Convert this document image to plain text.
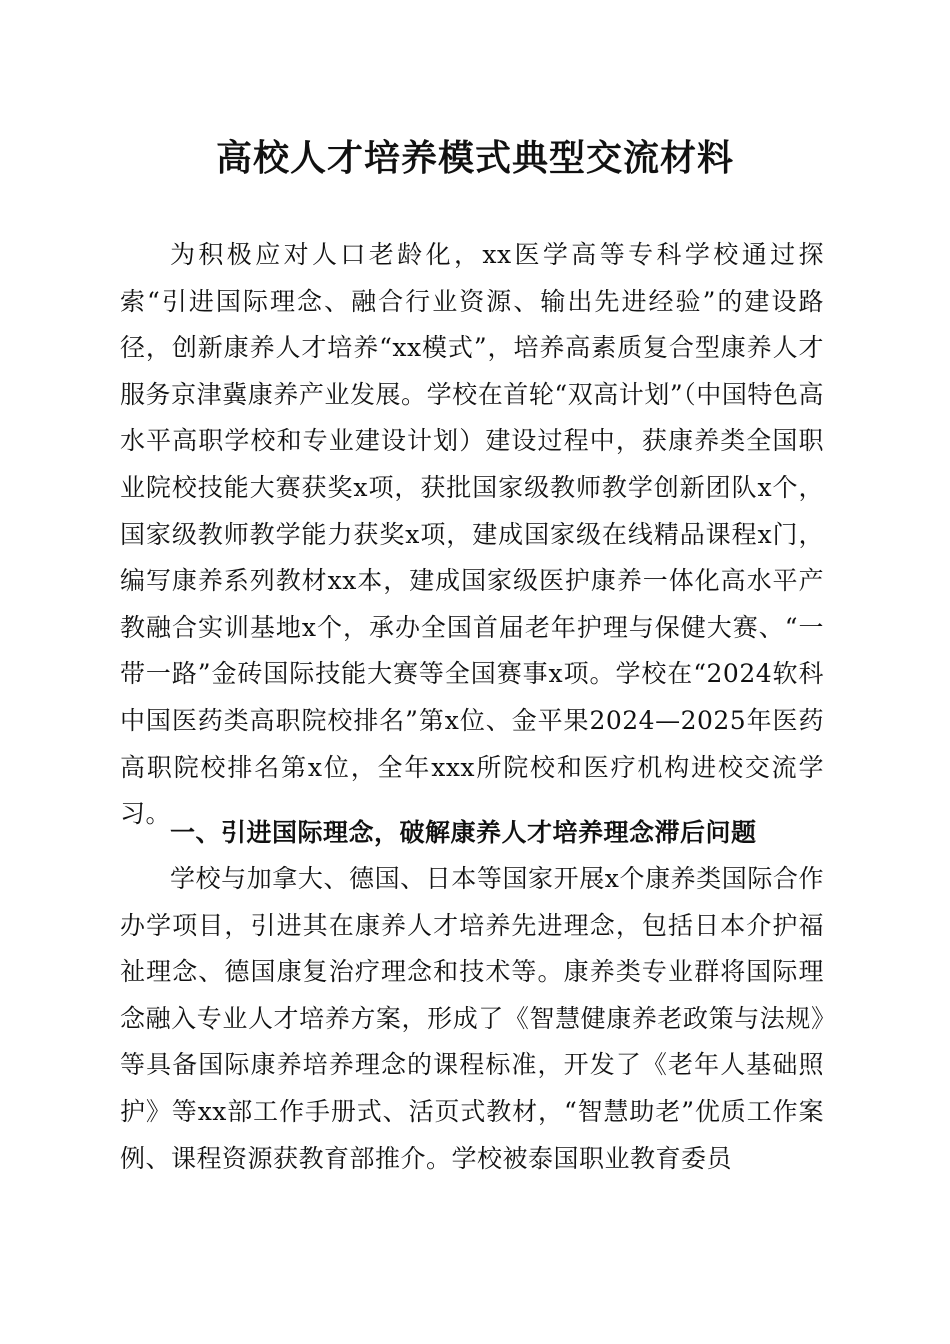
高校人才培养模式典型交流材料

为积极应对人口老龄化，xx医学高等专科学校通过探索“引进国际理念、融合行业资源、输出先进经验”的建设路径，创新康养人才培养“xx模式”，培养高素质复合型康养人才服务京津冀康养产业发展。学校在首轮“双高计划”（中国特色高水平高职学校和专业建设计划）建设过程中，获康养类全国职业院校技能大赛获奖x项，获批国家级教师教学创新团队x个，国家级教师教学能力获奖x项，建成国家级在线精品课程x门，编写康养系列教材xx本，建成国家级医护康养一体化高水平产教融合实训基地x个，承办全国首届老年护理与保健大赛、“一带一路”金砖国际技能大赛等全国赛事x项。学校在“2024软科中国医药类高职院校排名”第x位、金平果2024—2025年医药高职院校排名第x位，全年xxx所院校和医疗机构进校交流学习。

一、引进国际理念，破解康养人才培养理念滞后问题

学校与加拿大、德国、日本等国家开展x个康养类国际合作办学项目，引进其在康养人才培养先进理念，包括日本介护福祉理念、德国康复治疗理念和技术等。康养类专业群将国际理念融入专业人才培养方案，形成了《智慧健康养老政策与法规》等具备国际康养培养理念的课程标准，开发了《老年人基础照护》等xx部工作手册式、活页式教材，“智慧助老”优质工作案例、课程资源获教育部推介。学校被泰国职业教育委员
